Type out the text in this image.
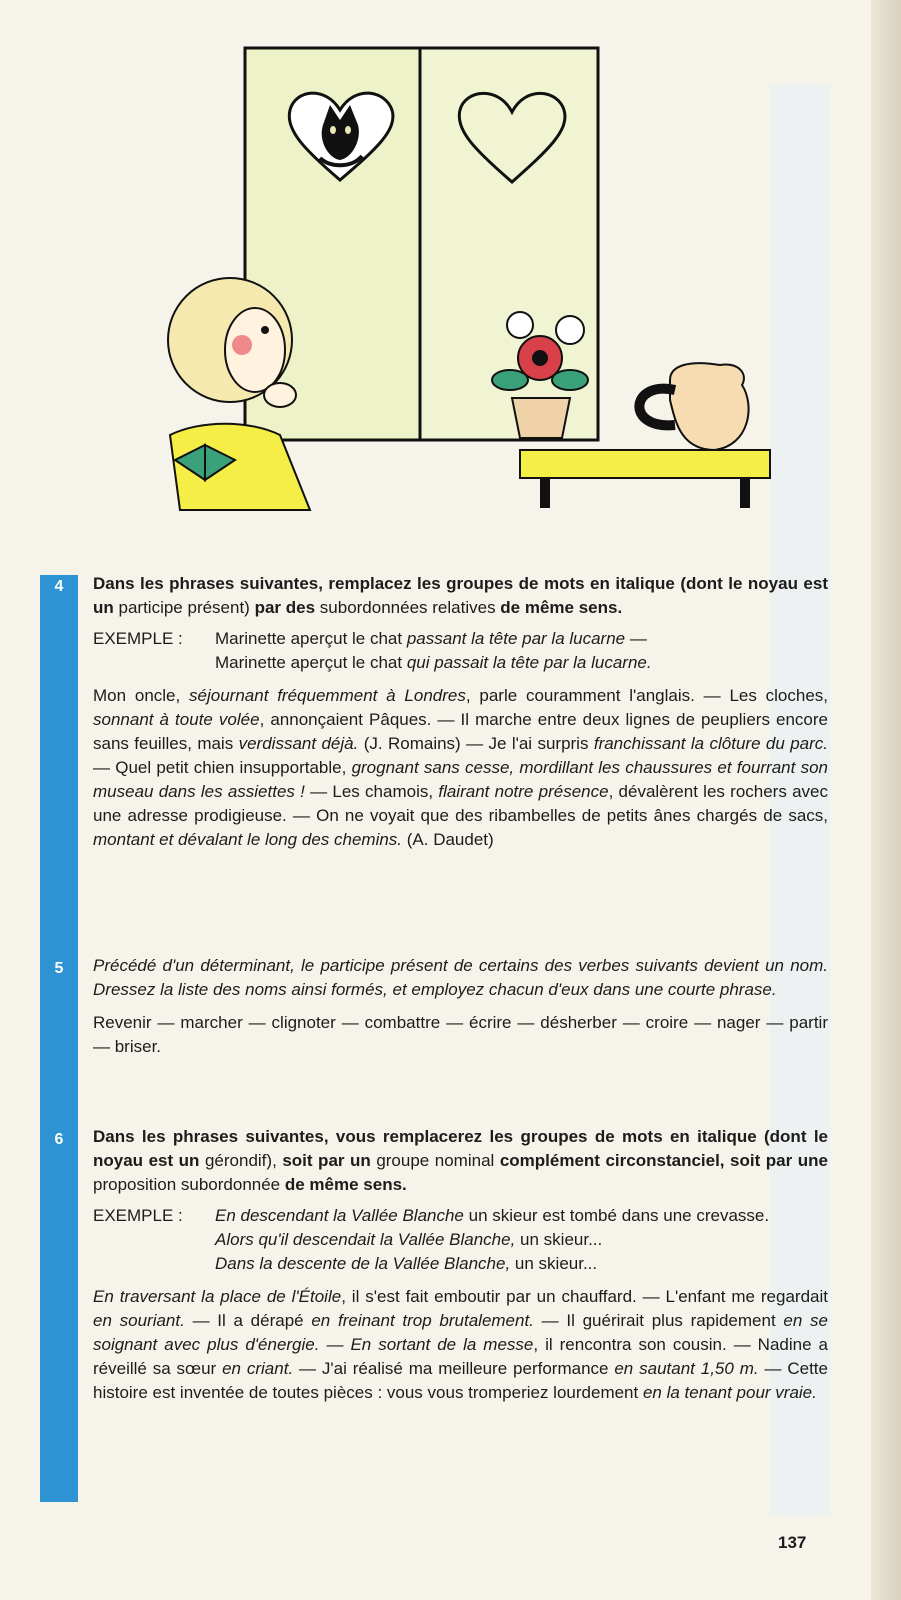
4	Dans les phrases suivantes, remplacez les groupes de mots en italique (dont le noyau est un participe présent) par des subordonnées relatives de même sens.

EXEMPLE :	Marinette aperçut le chat passant la tête par la lucarne —
Marinette aperçut le chat qui passait la tête par la lucarne.

Mon oncle, séjournant fréquemment à Londres, parle couramment l'anglais. — Les cloches, sonnant à toute volée, annonçaient Pâques. — Il marche entre deux lignes de peupliers encore sans feuilles, mais verdissant déjà. (J. Romains) — Je l'ai surpris franchissant la clôture du parc. — Quel petit chien insupportable, grognant sans cesse, mordillant les chaussures et fourrant son museau dans les assiettes ! — Les chamois, flairant notre présence, dévalèrent les rochers avec une adresse prodigieuse. — On ne voyait que des ribambelles de petits ânes chargés de sacs, montant et dévalant le long des chemins. (A. Daudet)

5	Précédé d'un déterminant, le participe présent de certains des verbes suivants devient un nom. Dressez la liste des noms ainsi formés, et employez chacun d'eux dans une courte phrase.

Revenir — marcher — clignoter — combattre — écrire — désherber — croire — nager — partir — briser.

6	Dans les phrases suivantes, vous remplacerez les groupes de mots en italique (dont le noyau est un gérondif), soit par un groupe nominal complément circonstanciel, soit par une proposition subordonnée de même sens.

EXEMPLE :	En descendant la Vallée Blanche un skieur est tombé dans une crevasse.
Alors qu'il descendait la Vallée Blanche, un skieur...
Dans la descente de la Vallée Blanche, un skieur...

En traversant la place de l'Étoile, il s'est fait emboutir par un chauffard. — L'enfant me regardait en souriant. — Il a dérapé en freinant trop brutalement. — Il guérirait plus rapidement en se soignant avec plus d'énergie. — En sortant de la messe, il rencontra son cousin. — Nadine a réveillé sa sœur en criant. — J'ai réalisé ma meilleure performance en sautant 1,50 m. — Cette histoire est inventée de toutes pièces : vous vous tromperiez lourdement en la tenant pour vraie.

137
